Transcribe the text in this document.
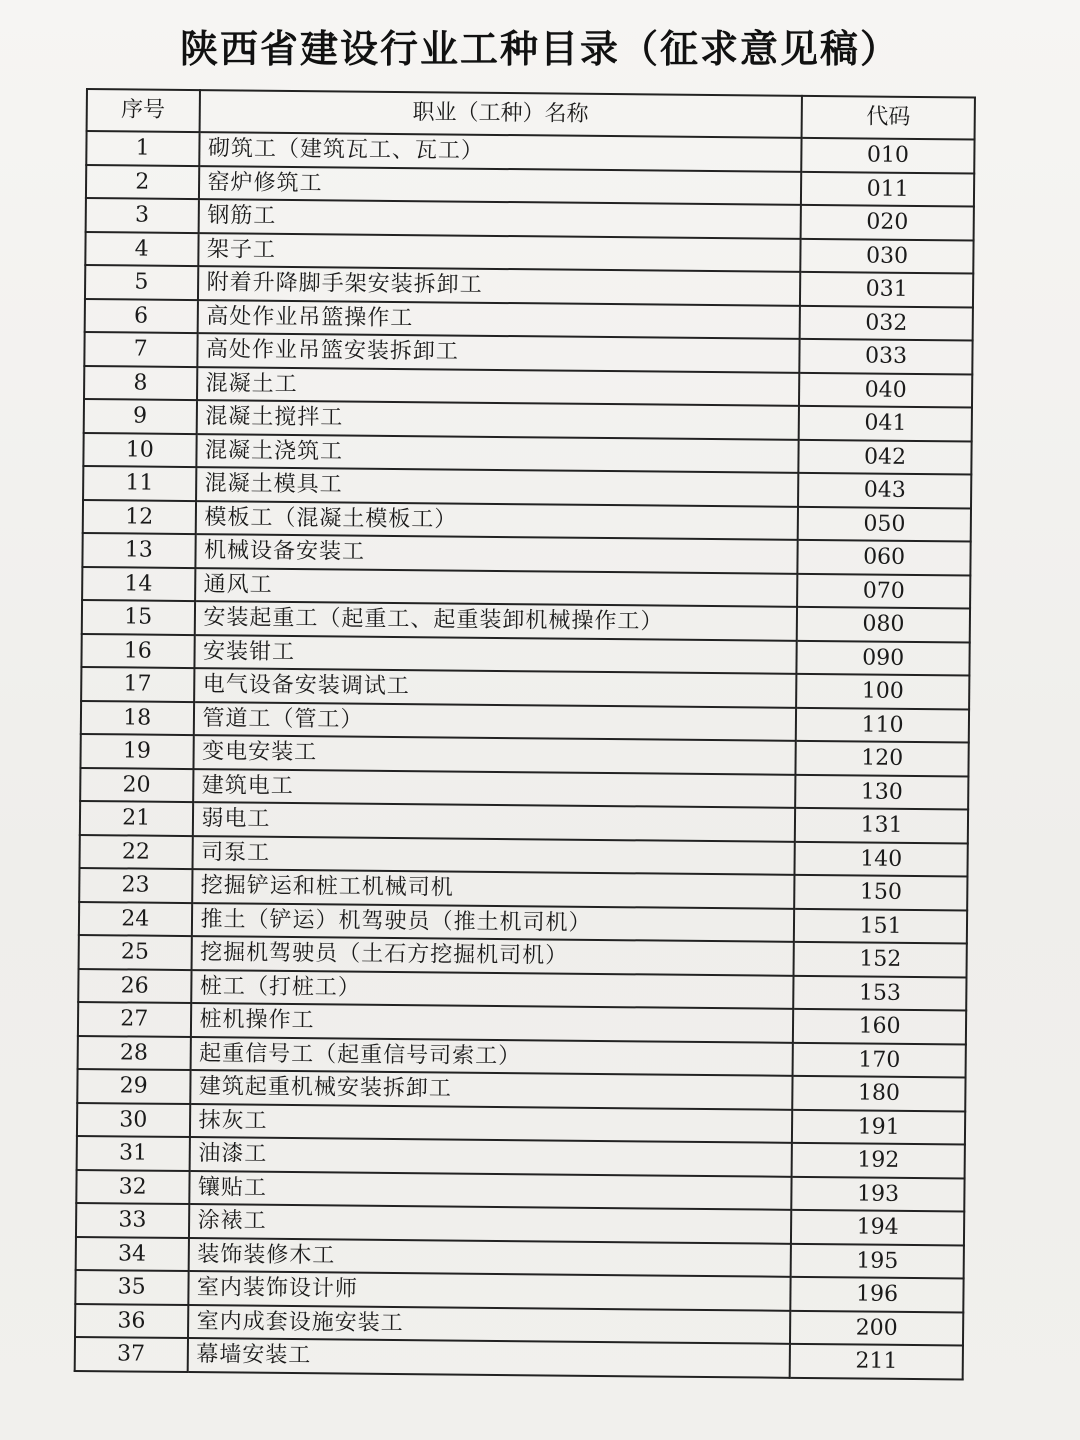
陕西省建设行业工种目录（征求意见稿）
序号	职业（工种）名称	代码
1	砌筑工（建筑瓦工、瓦工）	010
2	窑炉修筑工	011
3	钢筋工	020
4	架子工	030
5	附着升降脚手架安装拆卸工	031
6	高处作业吊篮操作工	032
7	高处作业吊篮安装拆卸工	033
8	混凝土工	040
9	混凝土搅拌工	041
10	混凝土浇筑工	042
11	混凝土模具工	043
12	模板工（混凝土模板工）	050
13	机械设备安装工	060
14	通风工	070
15	安装起重工（起重工、起重装卸机械操作工）	080
16	安装钳工	090
17	电气设备安装调试工	100
18	管道工（管工）	110
19	变电安装工	120
20	建筑电工	130
21	弱电工	131
22	司泵工	140
23	挖掘铲运和桩工机械司机	150
24	推土（铲运）机驾驶员（推土机司机）	151
25	挖掘机驾驶员（土石方挖掘机司机）	152
26	桩工（打桩工）	153
27	桩机操作工	160
28	起重信号工（起重信号司索工）	170
29	建筑起重机械安装拆卸工	180
30	抹灰工	191
31	油漆工	192
32	镶贴工	193
33	涂裱工	194
34	装饰装修木工	195
35	室内装饰设计师	196
36	室内成套设施安装工	200
37	幕墙安装工	211
